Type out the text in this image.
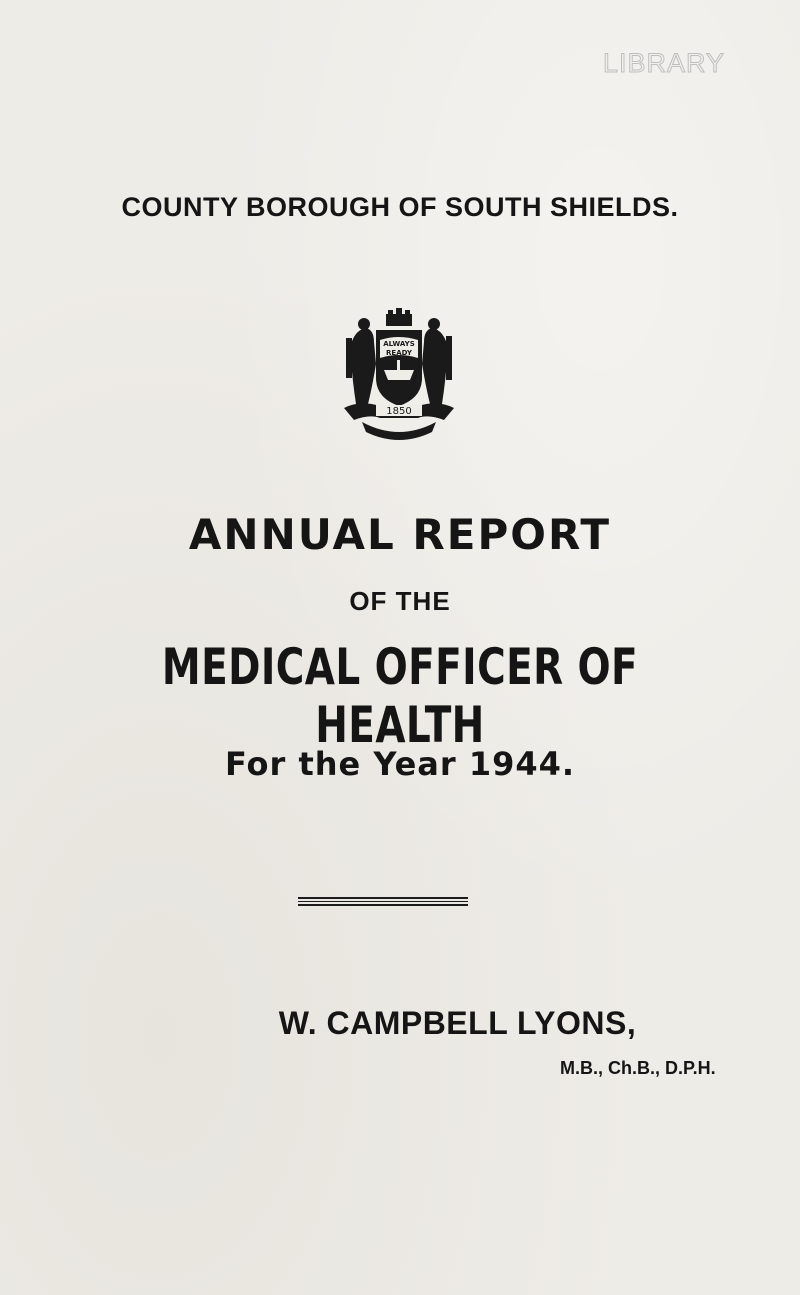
LIBRARY
COUNTY BOROUGH OF SOUTH SHIELDS.
ALWAYS
READY
1850
ANNUAL REPORT
OF THE
MEDICAL OFFICER OF HEALTH
For the Year 1944.
W. CAMPBELL LYONS,
M.B., Ch.B., D.P.H.
